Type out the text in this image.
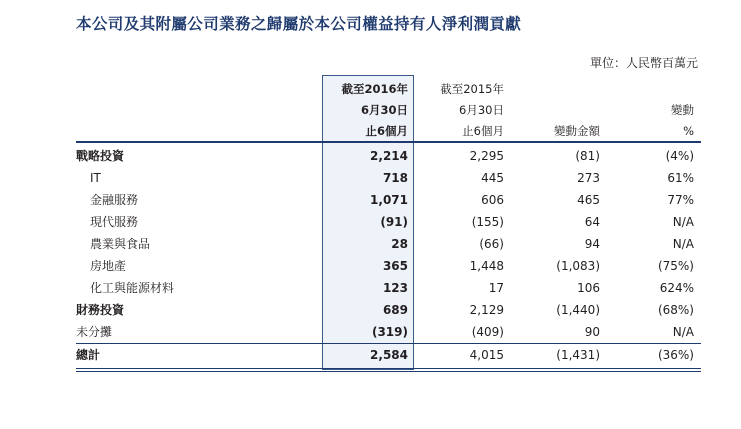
本公司及其附屬公司業務之歸屬於本公司權益持有人淨利潤貢獻
單位：人民幣百萬元
截至2016年
6月30日
止6個月
截至2015年
6月30日
止6個月	變動金額
變動
%
戰略投資	2,214	2,295	(81)	(4%)
IT	718	445	273	61%
金融服務	1,071	606	465	77%
現代服務	(91)	(155)	64	N/A
農業與食品	28	(66)	94	N/A
房地產	365	1,448	(1,083)	(75%)
化工與能源材料	123	17	106	624%
財務投資	689	2,129	(1,440)	(68%)
未分攤	(319)	(409)	90	N/A
總計	2,584	4,015	(1,431)	(36%)
